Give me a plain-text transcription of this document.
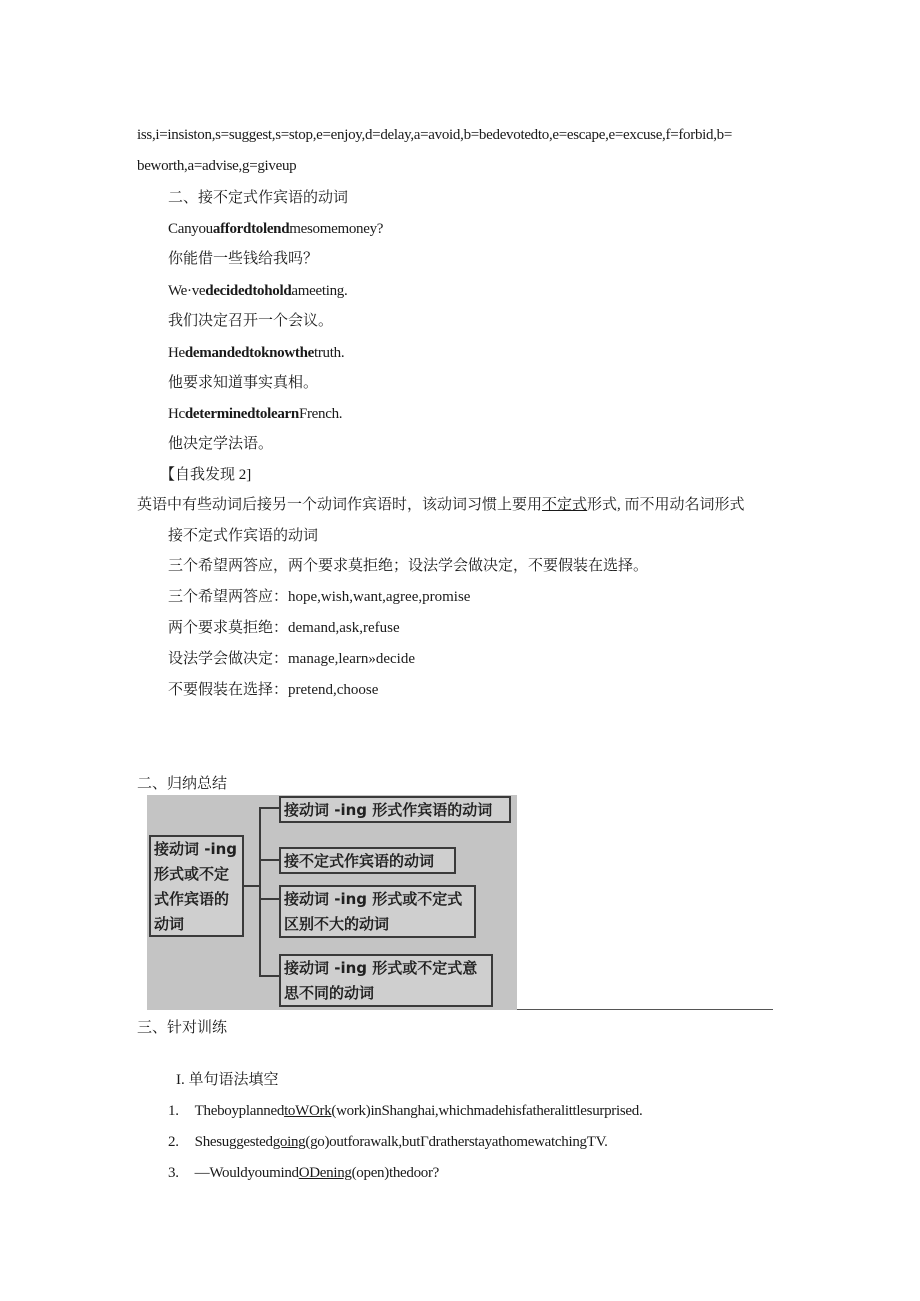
iss,i=insiston,s=suggest,s=stop,e=enjoy,d=delay,a=avoid,b=bedevotedto,e=escape,e=excuse,f=forbid,b=
beworth,a=advise,g=giveup
二、接不定式作宾语的动词
Canyouaffordtolendmesomemoney?
你能借一些钱给我吗？
We·vedecidedtoholdameeting.
我们决定召开一个会议。
Hedemandedtoknowthetruth.
他要求知道事实真相。
HcdeterminedtolearnFrench.
他决定学法语。
【自我发现 2]
英语中有些动词后接另一个动词作宾语时，该动词习惯上要用不定式形式, 而不用动名词形式
接不定式作宾语的动词
三个希望两答应，两个要求莫拒绝；设法学会做决定，不要假装在选择。
三个希望两答应：hope,wish,want,agree,promise
两个要求莫拒绝：demand,ask,refuse
设法学会做决定：manage,learn»decide
不要假装在选择：pretend,choose
二、归纳总结
接动词 -ing
形式或不定
式作宾语的
动词
接动词 -ing 形式作宾语的动词
接不定式作宾语的动词
接动词 -ing 形式或不定式
区别不大的动词
接动词 -ing 形式或不定式意
思不同的动词
三、针对训练
I. 单句语法填空
1. TheboyplannedtoWOrk(work)inShanghai,whichmadehisfatheralittlesurprised.
2. Shesuggestedgoing(go)outforawalk,butΓdratherstayathomewatchingTV.
3. —WouldyoumindODening(open)thedoor?
